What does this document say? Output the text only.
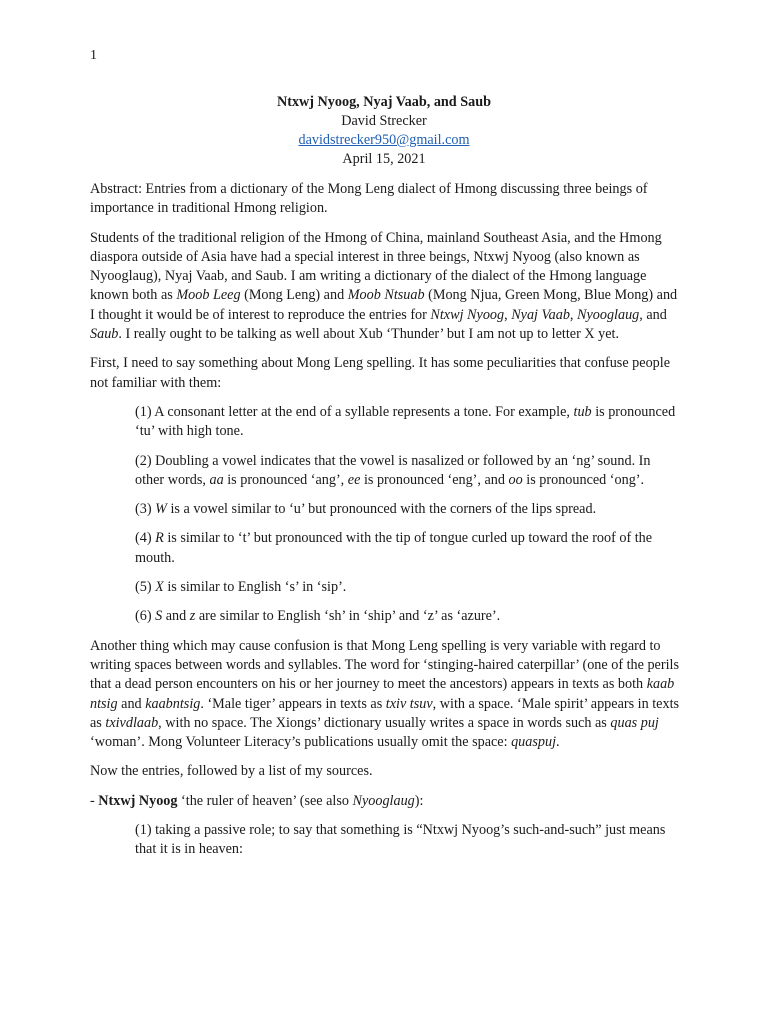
1
Ntxwj Nyoog, Nyaj Vaab, and Saub
David Strecker
davidstrecker950@gmail.com
April 15, 2021

Abstract: Entries from a dictionary of the Mong Leng dialect of Hmong discussing three beings of importance in traditional Hmong religion.

Students of the traditional religion of the Hmong of China, mainland Southeast Asia, and the Hmong diaspora outside of Asia have had a special interest in three beings, Ntxwj Nyoog (also known as Nyooglaug), Nyaj Vaab, and Saub. I am writing a dictionary of the dialect of the Hmong language known both as Moob Leeg (Mong Leng) and Moob Ntsuab (Mong Njua, Green Mong, Blue Mong) and I thought it would be of interest to reproduce the entries for Ntxwj Nyoog, Nyaj Vaab, Nyooglaug, and Saub. I really ought to be talking as well about Xub ‘Thunder’ but I am not up to letter X yet.

First, I need to say something about Mong Leng spelling. It has some peculiarities that confuse people not familiar with them:

(1) A consonant letter at the end of a syllable represents a tone. For example, tub is pronounced ‘tu’ with high tone.

(2) Doubling a vowel indicates that the vowel is nasalized or followed by an ‘ng’ sound. In other words, aa is pronounced ‘ang’, ee is pronounced ‘eng’, and oo is pronounced ‘ong’.

(3) W is a vowel similar to ‘u’ but pronounced with the corners of the lips spread.

(4) R is similar to ‘t’ but pronounced with the tip of tongue curled up toward the roof of the mouth.

(5) X is similar to English ‘s’ in ‘sip’.

(6) S and z are similar to English ‘sh’ in ‘ship’ and ‘z’ as ‘azure’.

Another thing which may cause confusion is that Mong Leng spelling is very variable with regard to writing spaces between words and syllables. The word for ‘stinging-haired caterpillar’ (one of the perils that a dead person encounters on his or her journey to meet the ancestors) appears in texts as both kaab ntsig and kaabntsig. ‘Male tiger’ appears in texts as txiv tsuv, with a space. ‘Male spirit’ appears in texts as txivdlaab, with no space. The Xiongs’ dictionary usually writes a space in words such as quas puj ‘woman’. Mong Volunteer Literacy’s publications usually omit the space: quaspuj.

Now the entries, followed by a list of my sources.

- Ntxwj Nyoog ‘the ruler of heaven’ (see also Nyooglaug):

(1) taking a passive role; to say that something is “Ntxwj Nyoog’s such-and-such” just means that it is in heaven:
